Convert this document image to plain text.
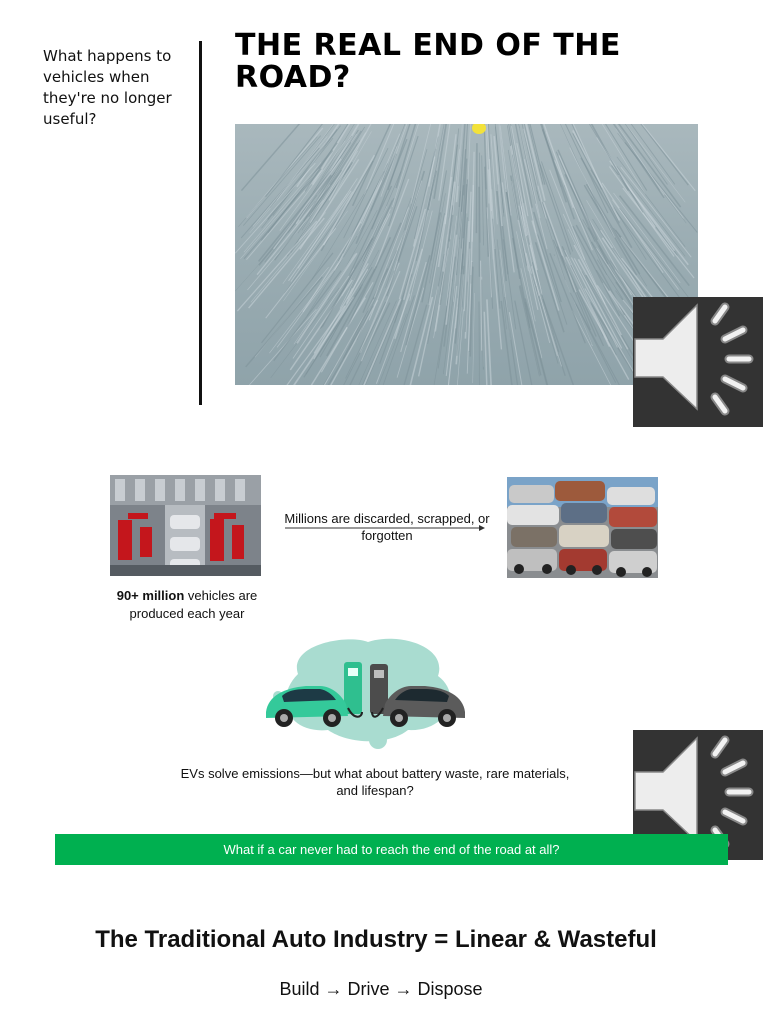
What happens to vehicles when they're no longer useful?
THE REAL END OF THE ROAD?
Millions are discarded, scrapped, or forgotten
90+ million vehicles are produced each year
EVs solve emissions—but what about battery waste, rare materials, and lifespan?
What if a car never had to reach the end of the road at all?
The Traditional Auto Industry = Linear & Wasteful
Build → Drive → Dispose
